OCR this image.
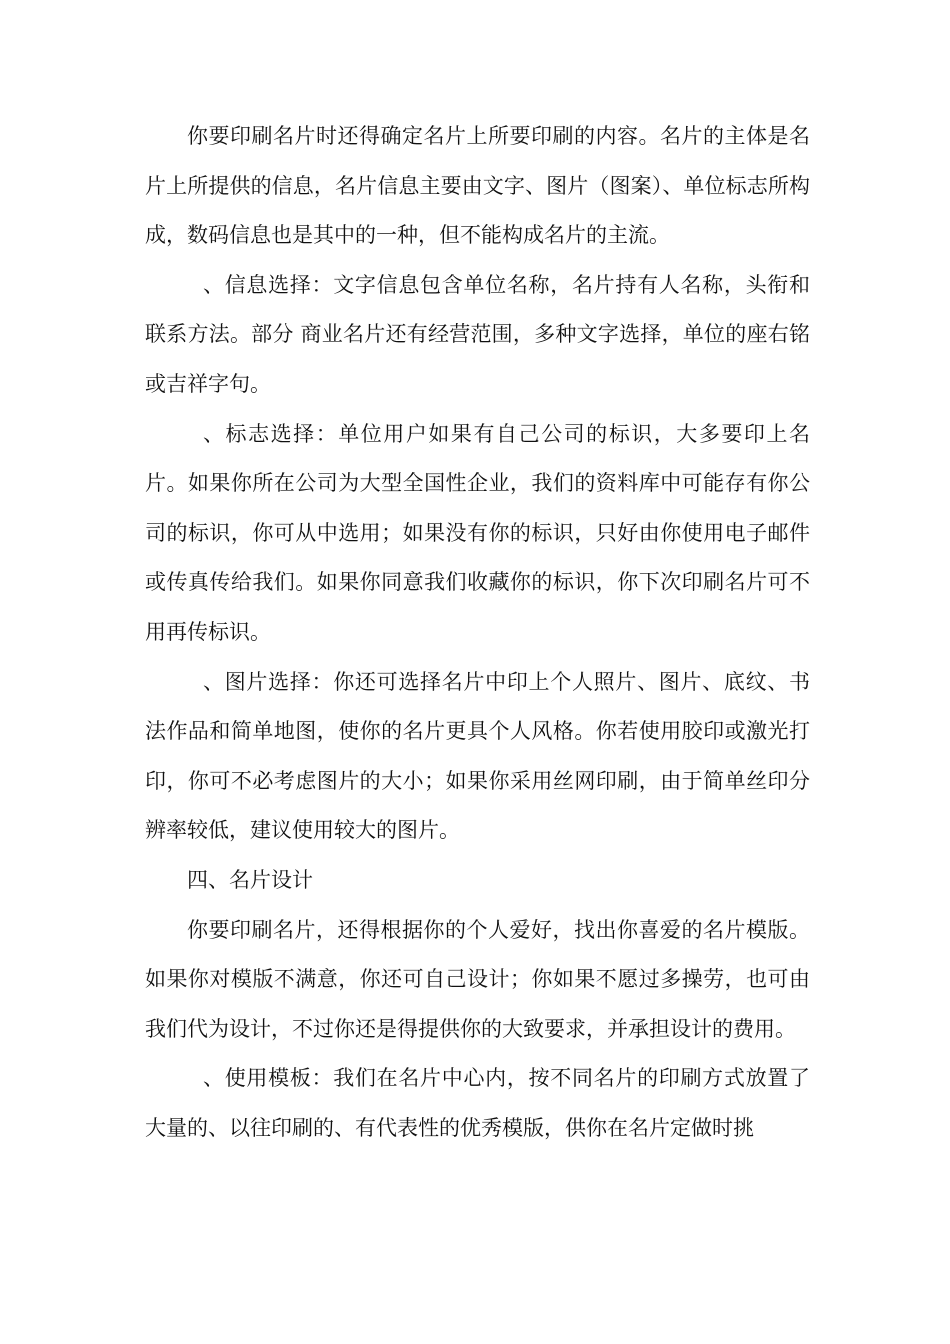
你要印刷名片时还得确定名片上所要印刷的内容。名片的主体是名片上所提供的信息，名片信息主要由文字、图片（图案）、单位标志所构成，数码信息也是其中的一种，但不能构成名片的主流。

、信息选择：文字信息包含单位名称，名片持有人名称，头衔和联系方法。部分 商业名片还有经营范围，多种文字选择，单位的座右铭或吉祥字句。

、标志选择：单位用户如果有自己公司的标识，大多要印上名片。如果你所在公司为大型全国性企业，我们的资料库中可能存有你公司的标识，你可从中选用；如果没有你的标识，只好由你使用电子邮件或传真传给我们。如果你同意我们收藏你的标识，你下次印刷名片可不用再传标识。

、图片选择：你还可选择名片中印上个人照片、图片、底纹、书法作品和简单地图，使你的名片更具个人风格。你若使用胶印或激光打印，你可不必考虑图片的大小；如果你采用丝网印刷，由于简单丝印分辨率较低，建议使用较大的图片。

四、名片设计

你要印刷名片，还得根据你的个人爱好，找出你喜爱的名片模版。如果你对模版不满意，你还可自己设计；你如果不愿过多操劳，也可由我们代为设计，不过你还是得提供你的大致要求，并承担设计的费用。

、使用模板：我们在名片中心内，按不同名片的印刷方式放置了大量的、以往印刷的、有代表性的优秀模版，供你在名片定做时挑
